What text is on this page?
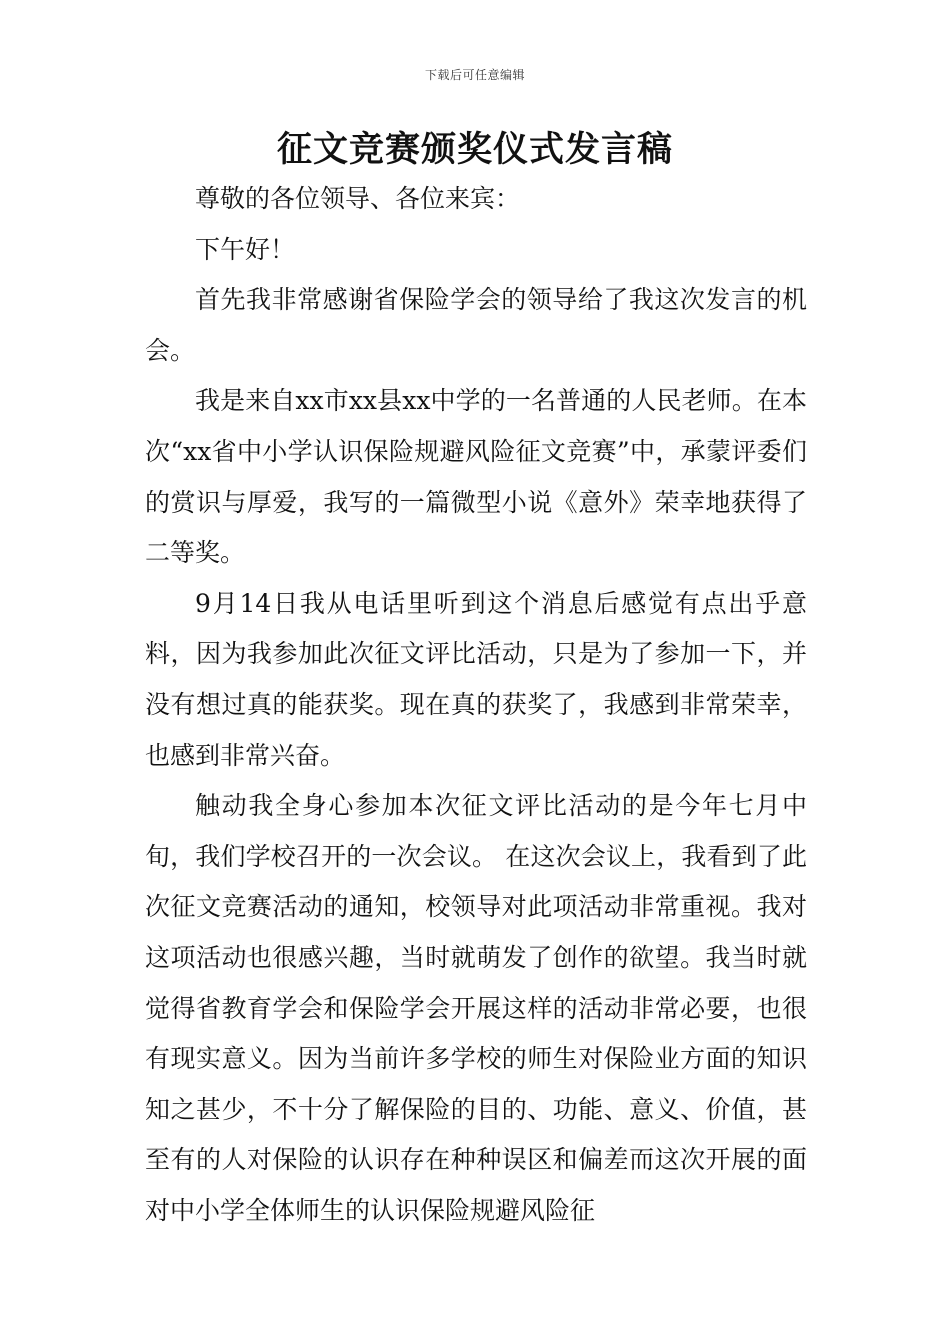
下载后可任意编辑
征文竞赛颁奖仪式发言稿

尊敬的各位领导、各位来宾：

下午好！

首先我非常感谢省保险学会的领导给了我这次发言的机会。

我是来自xx市xx县xx中学的一名普通的人民老师。在本次“xx省中小学认识保险规避风险征文竞赛”中，承蒙评委们的赏识与厚爱，我写的一篇微型小说《意外》荣幸地获得了二等奖。

9月14日我从电话里听到这个消息后感觉有点出乎意料，因为我参加此次征文评比活动，只是为了参加一下，并没有想过真的能获奖。现在真的获奖了，我感到非常荣幸，也感到非常兴奋。

触动我全身心参加本次征文评比活动的是今年七月中旬，我们学校召开的一次会议。 在这次会议上，我看到了此次征文竞赛活动的通知，校领导对此项活动非常重视。我对这项活动也很感兴趣，当时就萌发了创作的欲望。我当时就觉得省教育学会和保险学会开展这样的活动非常必要，也很有现实意义。因为当前许多学校的师生对保险业方面的知识知之甚少，不十分了解保险的目的、功能、意义、价值，甚至有的人对保险的认识存在种种误区和偏差而这次开展的面对中小学全体师生的认识保险规避风险征
